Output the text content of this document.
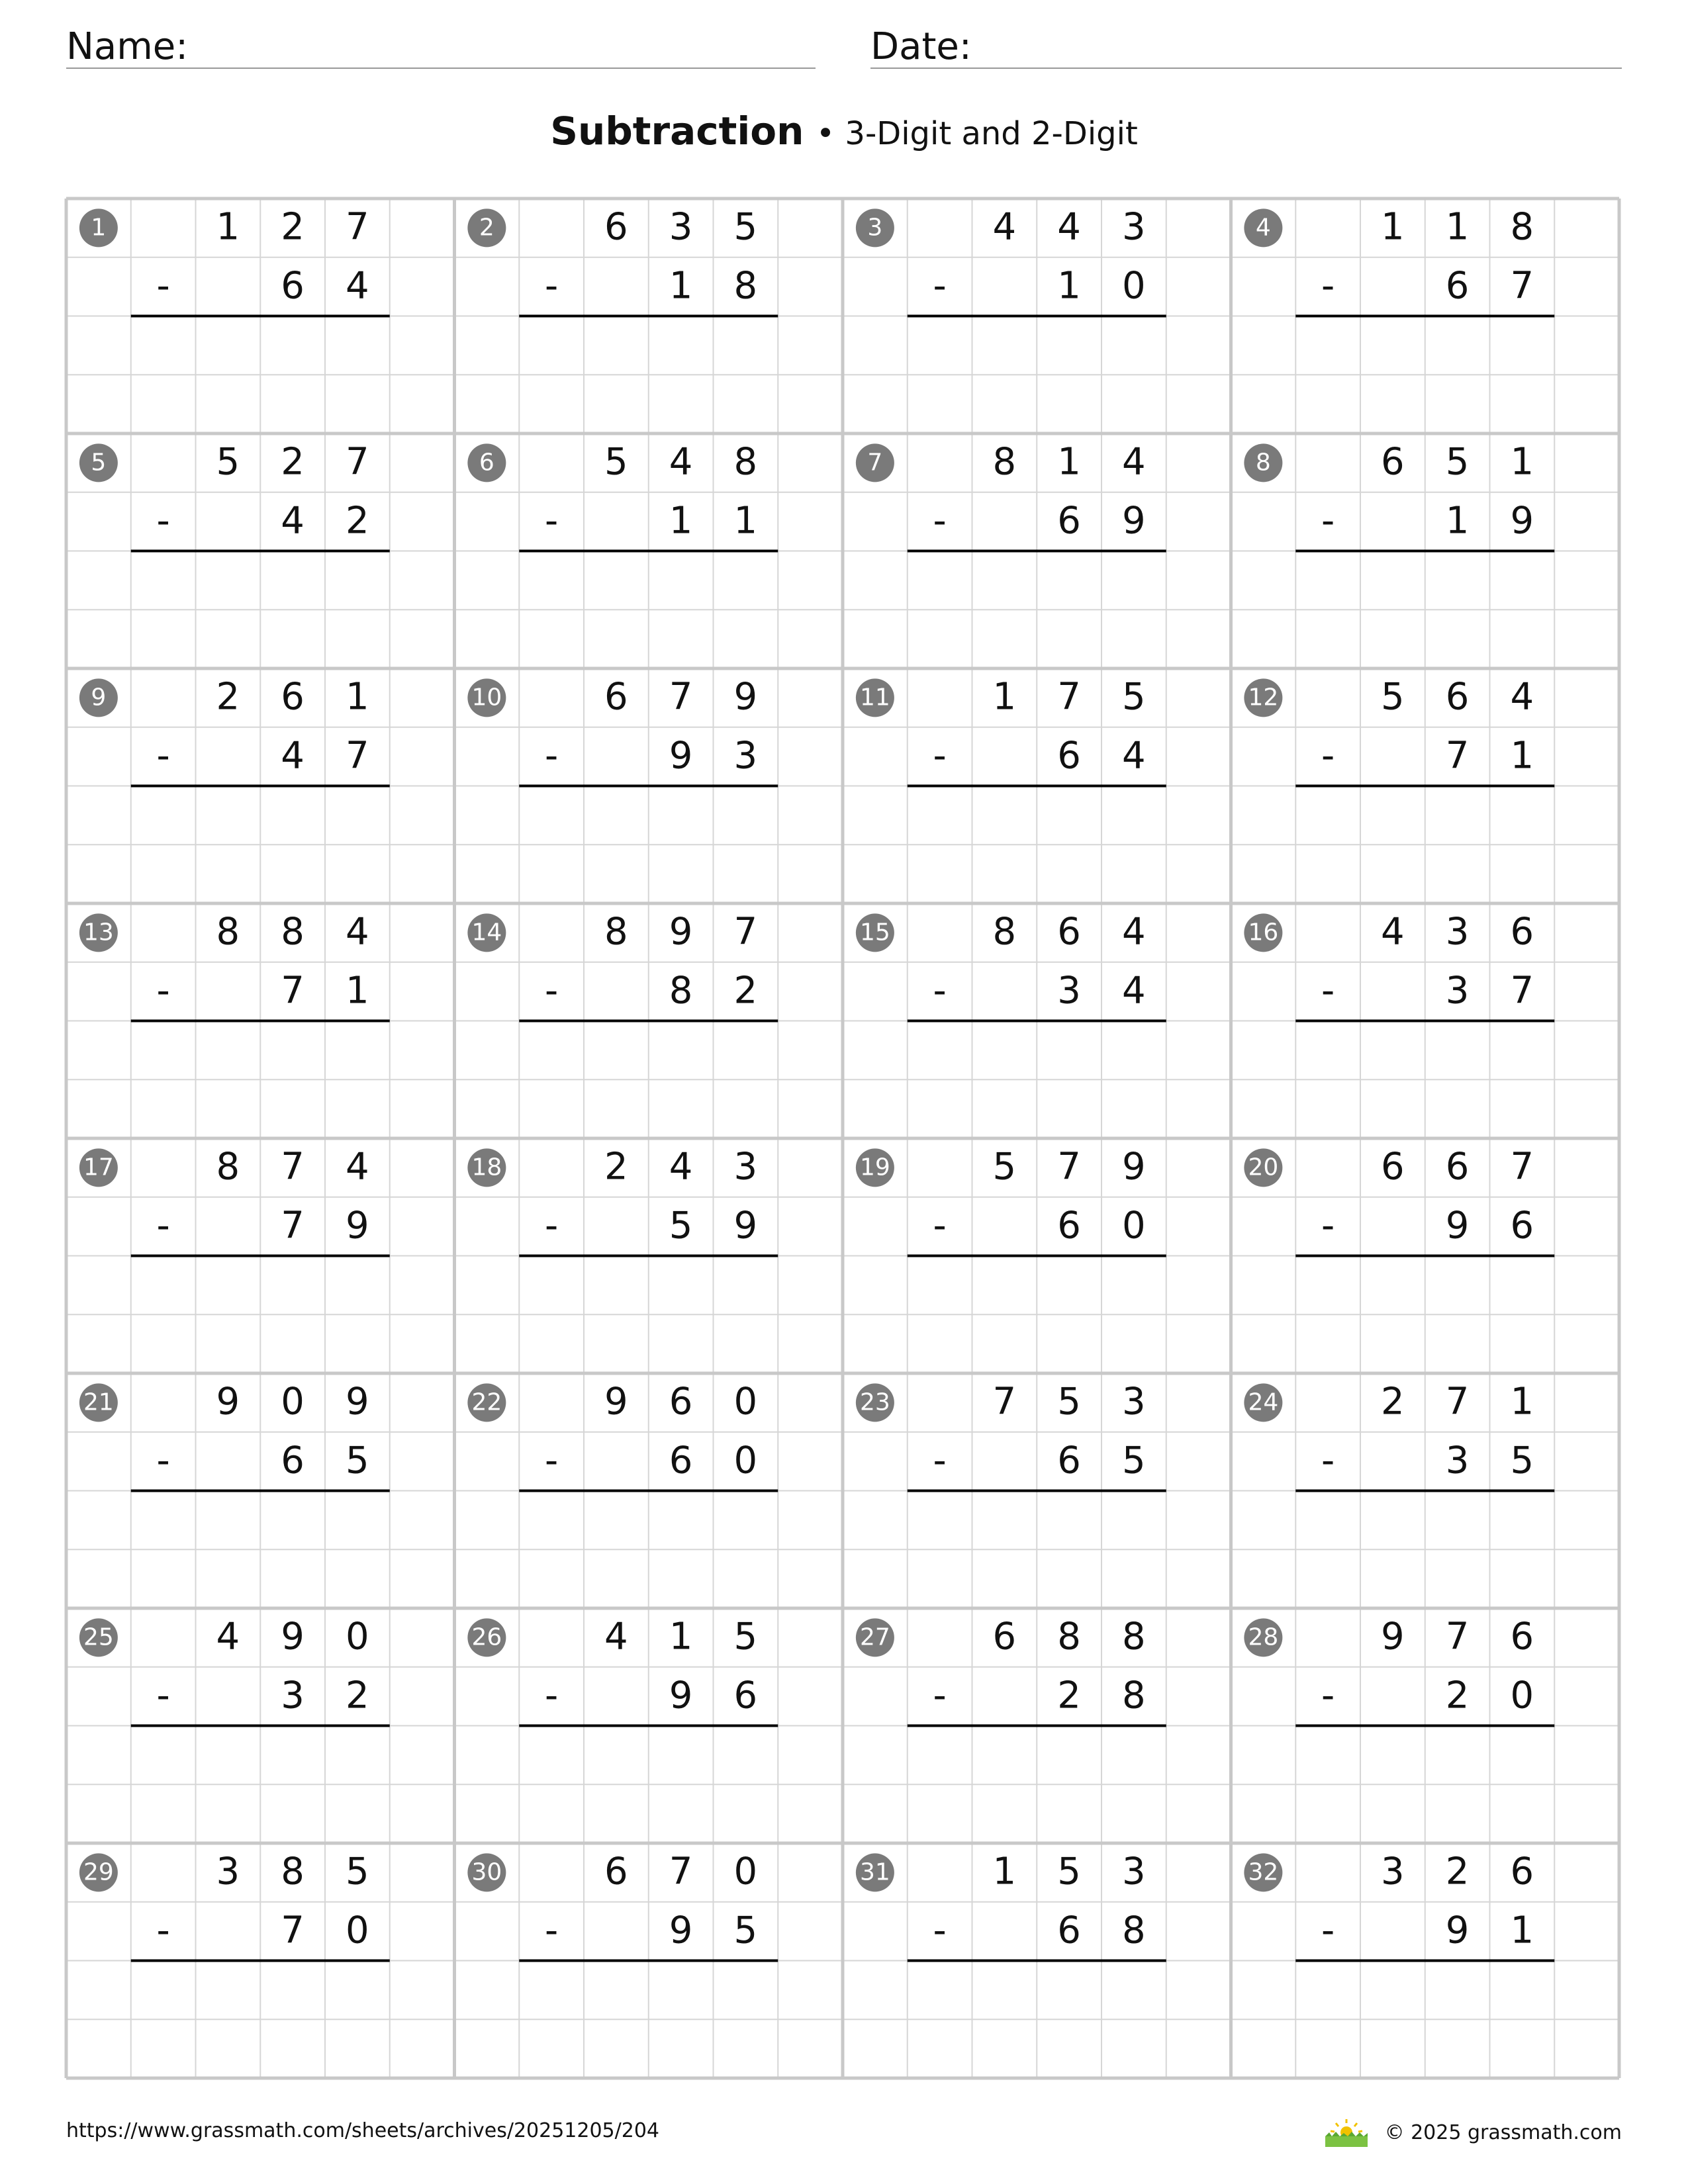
Name:	Date:
Subtraction • 3-Digit and 2-Digit
1	1 2 7
-	6 4
2	6 3 5
-	1 8
3	4 4 3
-	1 0
4	1 1 8
-	6 7
5	5 2 7
-	4 2
6	5 4 8
-	1 1
7	8 1 4
-	6 9
8	6 5 1
-	1 9
9	2 6 1
-	4 7
10	6 7 9
-	9 3
11	1 7 5
-	6 4
12	5 6 4
-	7 1
13	8 8 4
-	7 1
14	8 9 7
-	8 2
15	8 6 4
-	3 4
16	4 3 6
-	3 7
17	8 7 4
-	7 9
18	2 4 3
-	5 9
19	5 7 9
-	6 0
20	6 6 7
-	9 6
21	9 0 9
-	6 5
22	9 6 0
-	6 0
23	7 5 3
-	6 5
24	2 7 1
-	3 5
25	4 9 0
-	3 2
26	4 1 5
-	9 6
27	6 8 8
-	2 8
28	9 7 6
-	2 0
29	3 8 5
-	7 0
30	6 7 0
-	9 5
31	1 5 3
-	6 8
32	3 2 6
-	9 1
https://www.grassmath.com/sheets/archives/20251205/204	© 2025 grassmath.com
